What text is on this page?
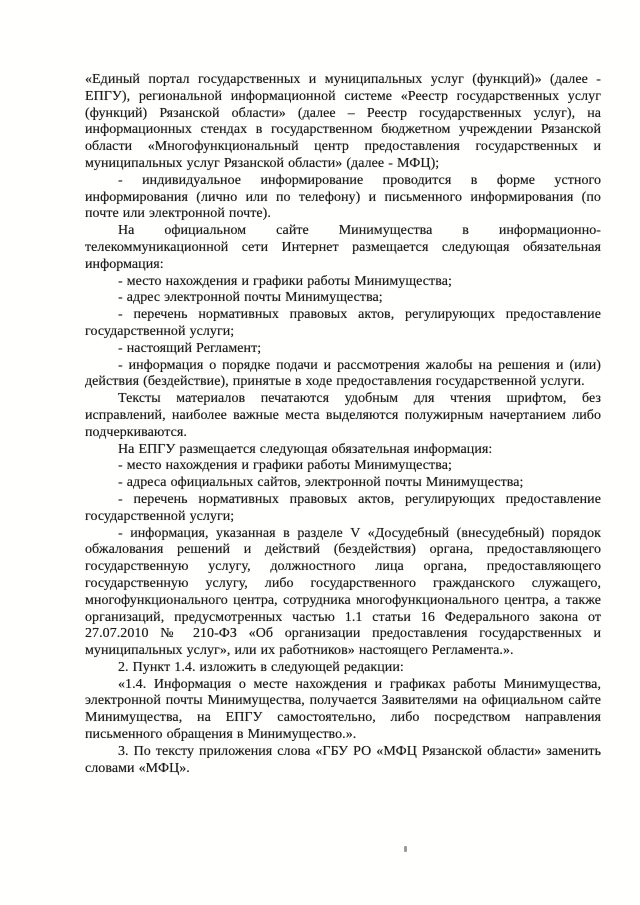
«Единый портал государственных и муниципальных услуг (функций)» (далее - ЕПГУ), региональной информационной системе «Реестр государственных услуг (функций) Рязанской области» (далее – Реестр государственных услуг), на информационных стендах в государственном бюджетном учреждении Рязанской области «Многофункциональный центр предоставления государственных и муниципальных услуг Рязанской области» (далее - МФЦ);

- индивидуальное информирование проводится в форме устного информирования (лично или по телефону) и письменного информирования (по почте или электронной почте).

На официальном сайте Минимущества в информационно-телекоммуникационной сети Интернет размещается следующая обязательная информация:

- место нахождения и графики работы Минимущества;

- адрес электронной почты Минимущества;

- перечень нормативных правовых актов, регулирующих предоставление государственной услуги;

- настоящий Регламент;

- информация о порядке подачи и рассмотрения жалобы на решения и (или) действия (бездействие), принятые в ходе предоставления государственной услуги.

Тексты материалов печатаются удобным для чтения шрифтом, без исправлений, наиболее важные места выделяются полужирным начертанием либо подчеркиваются.

На ЕПГУ размещается следующая обязательная информация:

- место нахождения и графики работы Минимущества;

- адреса официальных сайтов, электронной почты Минимущества;

- перечень нормативных правовых актов, регулирующих предоставление государственной услуги;

- информация, указанная в разделе V «Досудебный (внесудебный) порядок обжалования решений и действий (бездействия) органа, предоставляющего государственную услугу, должностного лица органа, предоставляющего государственную услугу, либо государственного гражданского служащего, многофункционального центра, сотрудника многофункционального центра, а также организаций, предусмотренных частью 1.1 статьи 16 Федерального закона от 27.07.2010 № 210-ФЗ «Об организации предоставления государственных и муниципальных услуг», или их работников» настоящего Регламента.».

2. Пункт 1.4. изложить в следующей редакции:

«1.4. Информация о месте нахождения и графиках работы Минимущества, электронной почты Минимущества, получается Заявителями на официальном сайте Минимущества, на ЕПГУ самостоятельно, либо посредством направления письменного обращения в Минимущество.».

3. По тексту приложения слова «ГБУ РО «МФЦ Рязанской области» заменить словами «МФЦ».
